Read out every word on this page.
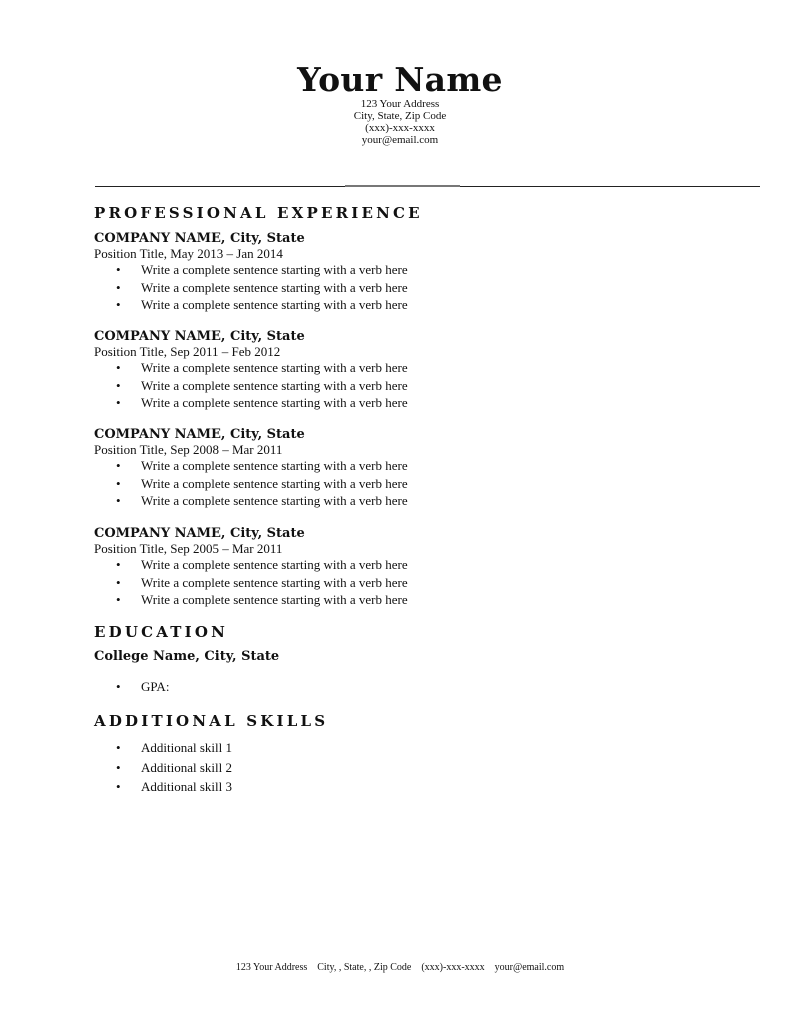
Your Name
123 Your Address
City, State, Zip Code
(xxx)-xxx-xxxx
your@email.com
PROFESSIONAL EXPERIENCE
COMPANY NAME, City, State
Position Title, May 2013 – Jan 2014
• Write a complete sentence starting with a verb here
• Write a complete sentence starting with a verb here
• Write a complete sentence starting with a verb here
COMPANY NAME, City, State
Position Title, Sep 2011 – Feb 2012
• Write a complete sentence starting with a verb here
• Write a complete sentence starting with a verb here
• Write a complete sentence starting with a verb here
COMPANY NAME, City, State
Position Title, Sep 2008 – Mar 2011
• Write a complete sentence starting with a verb here
• Write a complete sentence starting with a verb here
• Write a complete sentence starting with a verb here
COMPANY NAME, City, State
Position Title, Sep 2005 – Mar 2011
• Write a complete sentence starting with a verb here
• Write a complete sentence starting with a verb here
• Write a complete sentence starting with a verb here
EDUCATION
College Name, City, State
• GPA:
ADDITIONAL SKILLS
• Additional skill 1
• Additional skill 2
• Additional skill 3
123 Your Address City, , State, , Zip Code (xxx)-xxx-xxxx your@email.com
